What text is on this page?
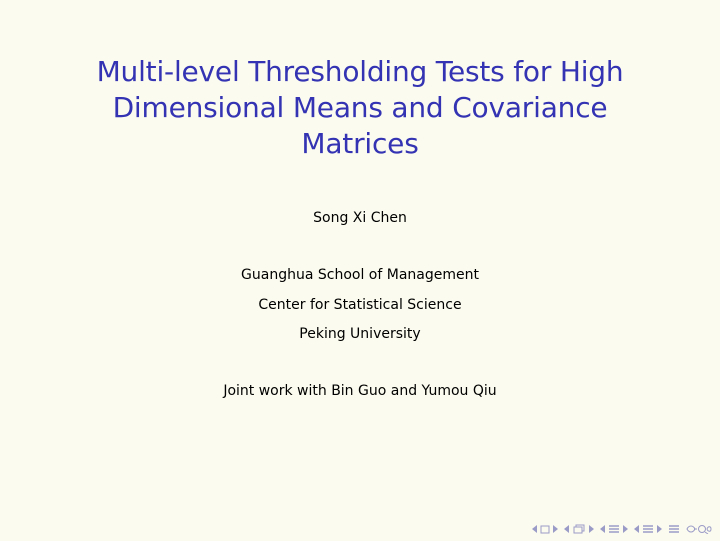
Multi-level Thresholding Tests for High
Dimensional Means and Covariance
Matrices
Song Xi Chen
Guanghua School of Management
Center for Statistical Science
Peking University
Joint work with Bin Guo and Yumou Qiu
